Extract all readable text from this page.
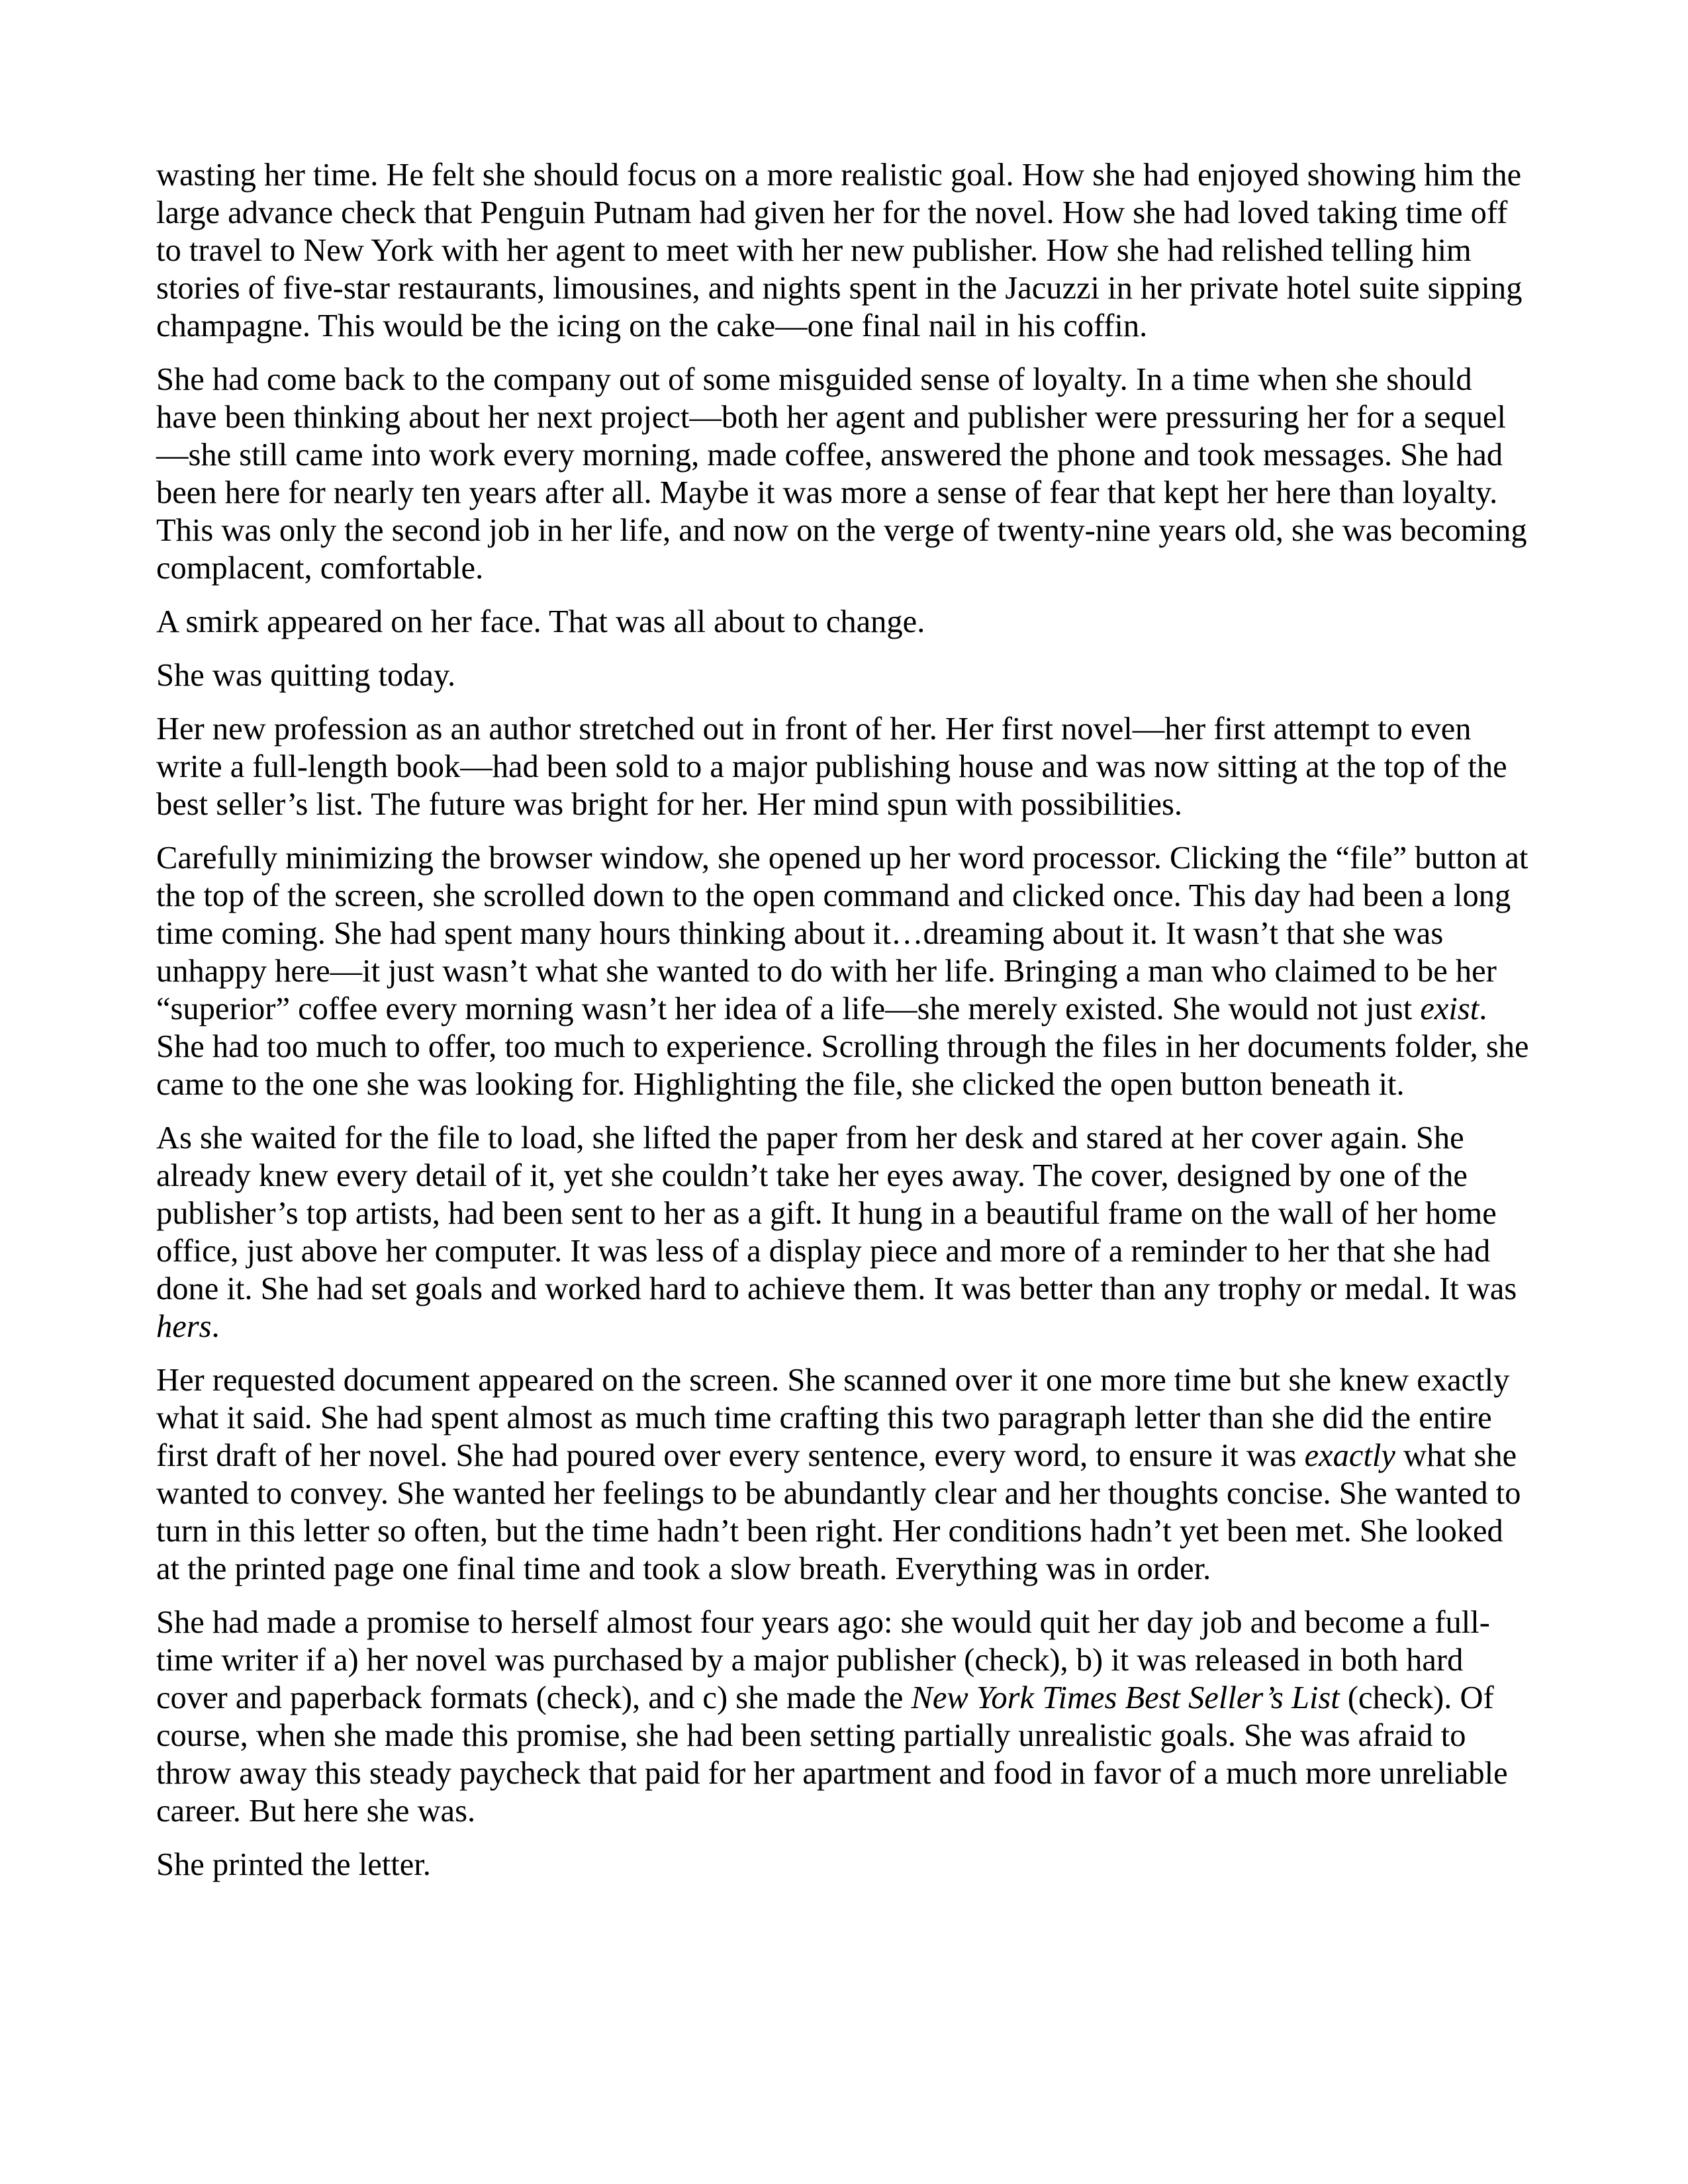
wasting her time. He felt she should focus on a more realistic goal. How she had enjoyed showing him the large advance check that Penguin Putnam had given her for the novel. How she had loved taking time off to travel to New York with her agent to meet with her new publisher. How she had relished telling him stories of five-star restaurants, limousines, and nights spent in the Jacuzzi in her private hotel suite sipping champagne. This would be the icing on the cake—one final nail in his coffin.

She had come back to the company out of some misguided sense of loyalty. In a time when she should have been thinking about her next project—both her agent and publisher were pressuring her for a sequel—she still came into work every morning, made coffee, answered the phone and took messages. She had been here for nearly ten years after all. Maybe it was more a sense of fear that kept her here than loyalty. This was only the second job in her life, and now on the verge of twenty-nine years old, she was becoming complacent, comfortable.

A smirk appeared on her face. That was all about to change.

She was quitting today.

Her new profession as an author stretched out in front of her. Her first novel—her first attempt to even write a full-length book—had been sold to a major publishing house and was now sitting at the top of the best seller’s list. The future was bright for her. Her mind spun with possibilities.

Carefully minimizing the browser window, she opened up her word processor. Clicking the “file” button at the top of the screen, she scrolled down to the open command and clicked once. This day had been a long time coming. She had spent many hours thinking about it…dreaming about it. It wasn’t that she was unhappy here—it just wasn’t what she wanted to do with her life. Bringing a man who claimed to be her “superior” coffee every morning wasn’t her idea of a life—she merely existed. She would not just exist. She had too much to offer, too much to experience. Scrolling through the files in her documents folder, she came to the one she was looking for. Highlighting the file, she clicked the open button beneath it.

As she waited for the file to load, she lifted the paper from her desk and stared at her cover again. She already knew every detail of it, yet she couldn’t take her eyes away. The cover, designed by one of the publisher’s top artists, had been sent to her as a gift. It hung in a beautiful frame on the wall of her home office, just above her computer. It was less of a display piece and more of a reminder to her that she had done it. She had set goals and worked hard to achieve them. It was better than any trophy or medal. It was hers.

Her requested document appeared on the screen. She scanned over it one more time but she knew exactly what it said. She had spent almost as much time crafting this two paragraph letter than she did the entire first draft of her novel. She had poured over every sentence, every word, to ensure it was exactly what she wanted to convey. She wanted her feelings to be abundantly clear and her thoughts concise. She wanted to turn in this letter so often, but the time hadn’t been right. Her conditions hadn’t yet been met. She looked at the printed page one final time and took a slow breath. Everything was in order.

She had made a promise to herself almost four years ago: she would quit her day job and become a full-time writer if a) her novel was purchased by a major publisher (check), b) it was released in both hard cover and paperback formats (check), and c) she made the New York Times Best Seller’s List (check). Of course, when she made this promise, she had been setting partially unrealistic goals. She was afraid to throw away this steady paycheck that paid for her apartment and food in favor of a much more unreliable career. But here she was.

She printed the letter.
